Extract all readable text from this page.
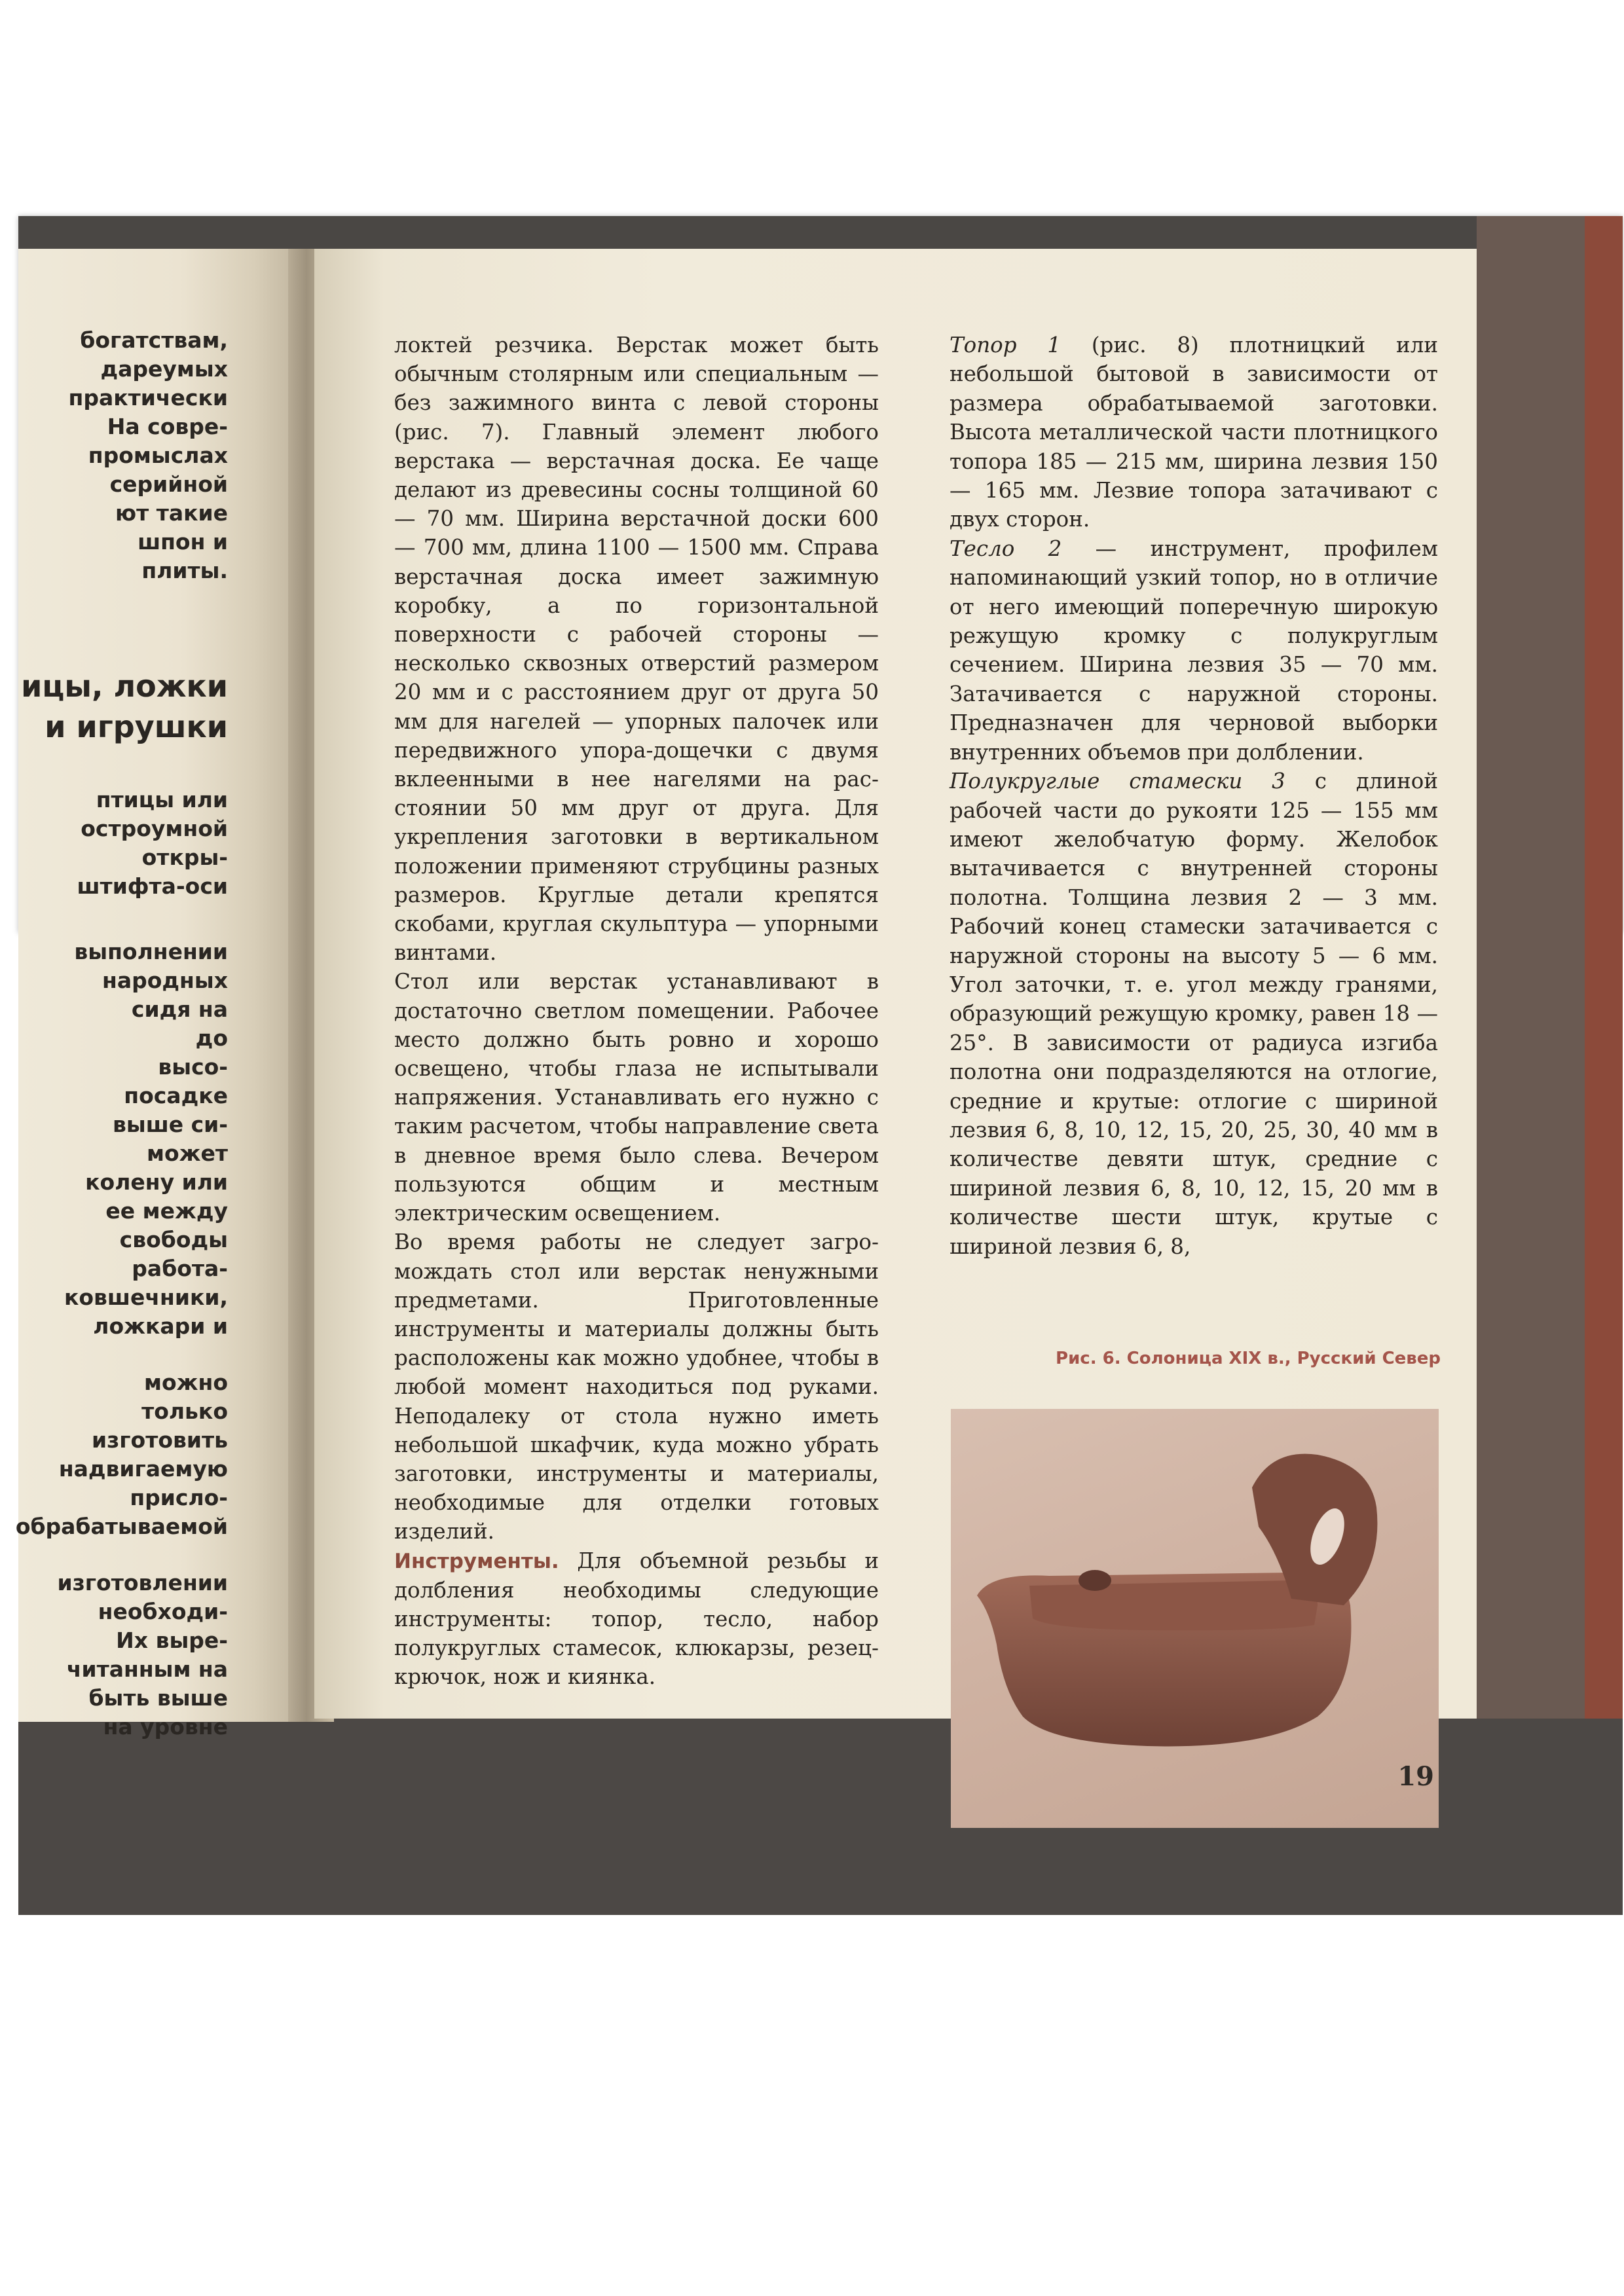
богатствам,
дареумых
практически
На совре-
промыслах
серийной
ют такие
шпон и
плиты.
ицы, ложки
и игрушки
птицы или
остроумной
откры-
штифта-оси
выполнении
народных
сидя на
до
высо-
посадке
выше си-
может
колену или
ее между
свободы
работа-
ковшечники,
ложкари и
можно
только
изготовить
надвигаемую
присло-
обрабатываемой
изготовлении
необходи-
Их выре-
читанным на
быть выше
на уровне

локтей резчика. Верстак может быть обычным столярным или специальным — без зажимного винта с левой стороны (рис. 7). Главный элемент любого верстака — верстачная доска. Ее чаще делают из древесины сосны толщиной 60 — 70 мм. Ширина верстачной доски 600 — 700 мм, длина 1100 — 1500 мм. Справа верстачная доска имеет зажимную коробку, а по горизонтальной поверхности с рабочей стороны — несколько сквозных отверстий размером 20 мм и с расстоянием друг от друга 50 мм для нагелей — упорных палочек или передвижного упора-дощечки с двумя вклеенными в нее нагелями на расстоянии 50 мм друг от друга. Для укрепления заготовки в вертикальном положении применяют струбцины разных размеров. Круглые детали крепятся скобами, круглая скульптура — упорными винтами.

Стол или верстак устанавливают в достаточно светлом помещении. Рабочее место должно быть ровно и хорошо освещено, чтобы глаза не испытывали напряжения. Устанавливать его нужно с таким расчетом, чтобы направление света в дневное время было слева. Вечером пользуются общим и местным электрическим освещением.

Во время работы не следует загромождать стол или верстак ненужными предметами. Приготовленные инструменты и материалы должны быть расположены как можно удобнее, чтобы в любой момент находиться под руками. Неподалеку от стола нужно иметь небольшой шкафчик, куда можно убрать заготовки, инструменты и материалы, необходимые для отделки готовых изделий.

Инструменты. Для объемной резьбы и долбления необходимы следующие инструменты: топор, тесло, набор полукруглых стамесок, клюкарзы, резец-крючок, нож и киянка.

Топор 1 (рис. 8) плотницкий или небольшой бытовой в зависимости от размера обрабатываемой заготовки. Высота металлической части плотницкого топора 185 — 215 мм, ширина лезвия 150 — 165 мм. Лезвие топора затачивают с двух сторон.

Тесло 2 — инструмент, профилем напоминающий узкий топор, но в отличие от него имеющий поперечную широкую режущую кромку с полукруглым сечением. Ширина лезвия 35 — 70 мм. Затачивается с наружной стороны. Предназначен для черновой выборки внутренних объемов при долблении.

Полукруглые стамески 3 с длиной рабочей части до рукояти 125 — 155 мм имеют желобчатую форму. Желобок вытачивается с внутренней стороны полотна. Толщина лезвия 2 — 3 мм. Рабочий конец стамески затачивается с наружной стороны на высоту 5 — 6 мм. Угол заточки, т. е. угол между гранями, образующий режущую кромку, равен 18 — 25°. В зависимости от радиуса изгиба полотна они подразделяются на отлогие, средние и крутые: отлогие с шириной лезвия 6, 8, 10, 12, 15, 20, 25, 30, 40 мм в количестве девяти штук, средние с шириной лезвия 6, 8, 10, 12, 15, 20 мм в количестве шести штук, крутые с шириной лезвия 6, 8,

Рис. 6. Солоница XIX в., Русский Север
19
